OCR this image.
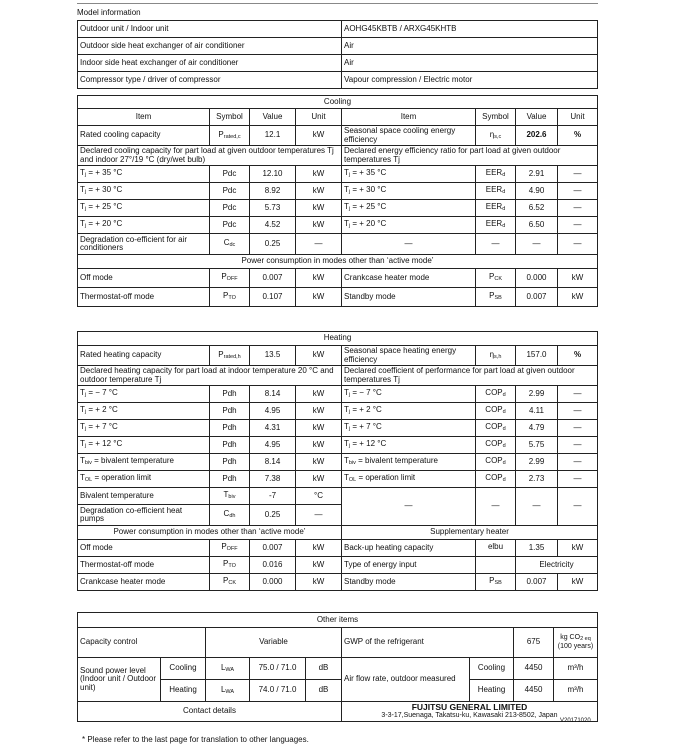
Model information
Outdoor unit / Indoor unit	AOHG45KBTB / ARXG45KHTB
Outdoor side heat exchanger of air conditioner	Air
Indoor side heat exchanger of air conditioner	Air
Compressor type / driver of compressor	Vapour compression / Electric motor
Cooling							
Item	Symbol	Value	Unit	Item	Symbol	Value	Unit
Rated cooling capacity	$P_{rated,c}$	12.1	kW	Seasonal space cooling energy efficiency	$\eta_{s,c}$	202.6	%
Declared cooling capacity for part load at given outdoor temperatures Tj and indoor 27°/19 °C (dry/wet bulb)				Declared energy efficiency ratio for part load at given outdoor temperatures Tj			
$T_j$ = + 35 °C	Pdc	12.10	kW	$T_j$ = + 35 °C	$EER_d$	2.91	—
$T_j$ = + 30 °C	Pdc	8.92	kW	$T_j$ = + 30 °C	$EER_d$	4.90	—
$T_j$ = + 25 °C	Pdc	5.73	kW	$T_j$ = + 25 °C	$EER_d$	6.52	—
$T_j$ = + 20 °C	Pdc	4.52	kW	$T_j$ = + 20 °C	$EER_d$	6.50	—
Degradation co-efficient for air conditioners	$C_{dc}$	0.25	—	—	—	—	—
Power consumption in modes other than ‘active mode’							
Off mode	$P_{OFF}$	0.007	kW	Crankcase heater mode	$P_{CK}$	0.000	kW
Thermostat-off mode	$P_{TO}$	0.107	kW	Standby mode	$P_{SB}$	0.007	kW
Heating							
Rated heating capacity	$P_{rated,h}$	13.5	kW	Seasonal space heating energy efficiency	$\eta_{s,h}$	157.0	%
Declared heating capacity for part load at indoor temperature 20 °C and outdoor temperature Tj				Declared coefficient of performance for part load at given outdoor temperatures Tj			
$T_j$ = − 7 °C	Pdh	8.14	kW	$T_j$ = − 7 °C	$COP_d$	2.99	—
$T_j$ = + 2 °C	Pdh	4.95	kW	$T_j$ = + 2 °C	$COP_d$	4.11	—
$T_j$ = + 7 °C	Pdh	4.31	kW	$T_j$ = + 7 °C	$COP_d$	4.79	—
$T_j$ = + 12 °C	Pdh	4.95	kW	$T_j$ = + 12 °C	$COP_d$	5.75	—
$T_{biv}$ = bivalent temperature	Pdh	8.14	kW	$T_{biv}$ = bivalent temperature	$COP_d$	2.99	—
$T_{OL}$ = operation limit	Pdh	7.38	kW	$T_{OL}$ = operation limit	$COP_d$	2.73	—
Bivalent temperature	$T_{biv}$	-7	°C	—	—	—	—
Degradation co-efficient heat pumps	$C_{dh}$	0.25	—				
Power consumption in modes other than ‘active mode’				Supplementary heater			
Off mode	$P_{OFF}$	0.007	kW	Back-up heating capacity	elbu	1.35	kW
Thermostat-off mode	$P_{TO}$	0.016	kW	Type of energy input		Electricity	
Crankcase heater mode	$P_{CK}$	0.000	kW	Standby mode	$P_{SB}$	0.007	kW
Other items								
Capacity control		Variable			GWP of the refrigerant		675	kg $CO_{2 eq}$
(100 years)
Sound power level (Indoor unit / Outdoor unit)	Cooling	$L_{WA}$	75.0 / 71.0	dB	Air flow rate, outdoor measured	Cooling	4450	m³/h
	Heating	$L_{WA}$	74.0 / 71.0	dB		Heating	4450	m³/h
Contact details					FUJITSU GENERAL LIMITED
3-3-17,Suenaga, Takatsu-ku, Kawasaki 213-8502, Japan			
V20171020
* Please refer to the last page for translation to other languages.
